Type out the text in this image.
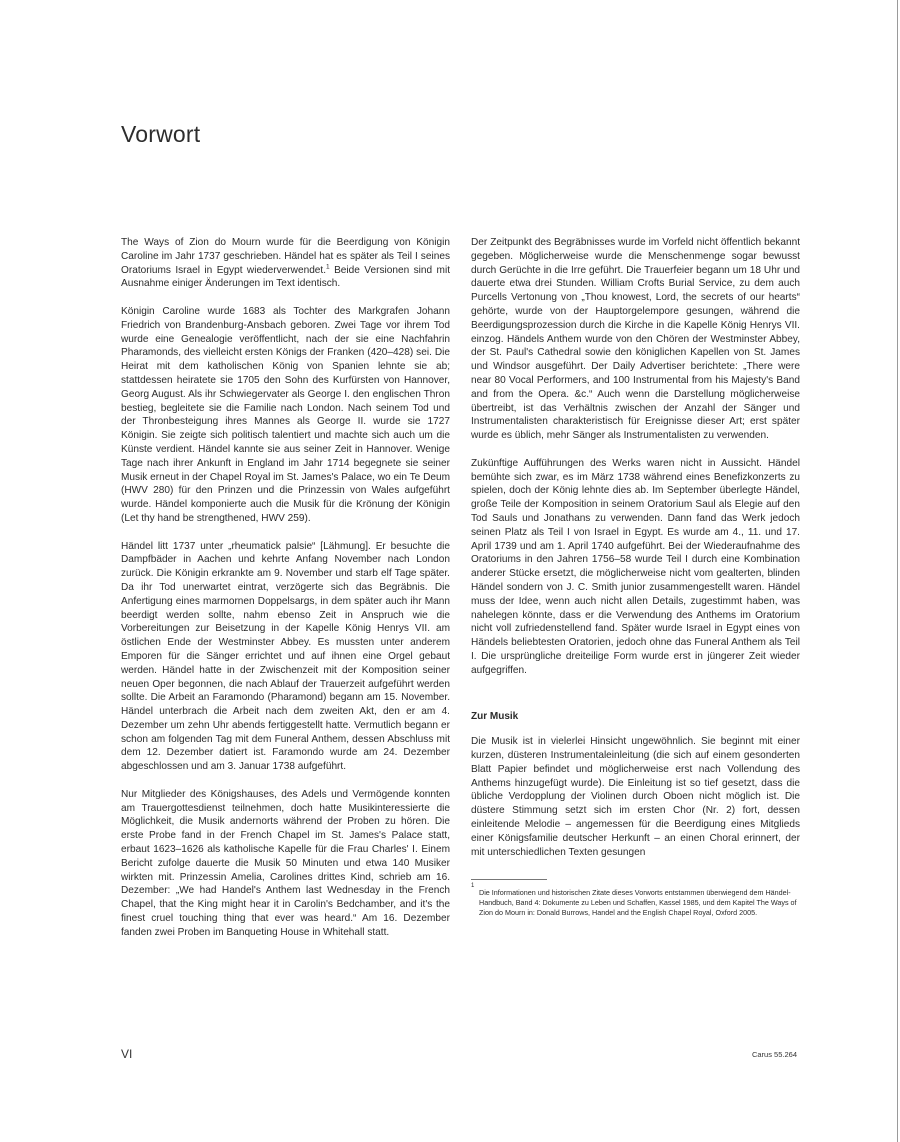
Vorwort

The Ways of Zion do Mourn wurde für die Beerdigung von Königin Caroline im Jahr 1737 geschrieben. Händel hat es später als Teil I seines Oratoriums Israel in Egypt wiederverwendet.$^1$ Beide Versionen sind mit Ausnahme einiger Änderungen im Text identisch.

Königin Caroline wurde 1683 als Tochter des Markgrafen Johann Friedrich von Brandenburg-Ansbach geboren. Zwei Tage vor ihrem Tod wurde eine Genealogie veröffentlicht, nach der sie eine Nachfahrin Pharamonds, des vielleicht ersten Königs der Franken (420–428) sei. Die Heirat mit dem katholischen König von Spanien lehnte sie ab; stattdessen heiratete sie 1705 den Sohn des Kurfürsten von Hannover, Georg August. Als ihr Schwiegervater als George I. den englischen Thron bestieg, begleitete sie die Familie nach London. Nach seinem Tod und der Thronbesteigung ihres Mannes als George II. wurde sie 1727 Königin. Sie zeigte sich politisch talentiert und machte sich auch um die Künste verdient. Händel kannte sie aus seiner Zeit in Hannover. Wenige Tage nach ihrer Ankunft in England im Jahr 1714 begegnete sie seiner Musik erneut in der Chapel Royal im St. James's Palace, wo ein Te Deum (HWV 280) für den Prinzen und die Prinzessin von Wales aufgeführt wurde. Händel komponierte auch die Musik für die Krönung der Königin (Let thy hand be strengthened, HWV 259).

Händel litt 1737 unter „rheumatick palsie“ [Lähmung]. Er besuchte die Dampfbäder in Aachen und kehrte Anfang November nach London zurück. Die Königin erkrankte am 9. November und starb elf Tage später. Da ihr Tod unerwartet eintrat, verzögerte sich das Begräbnis. Die Anfertigung eines marmornen Doppelsargs, in dem später auch ihr Mann beerdigt werden sollte, nahm ebenso Zeit in Anspruch wie die Vorbereitungen zur Beisetzung in der Kapelle König Henrys VII. am östlichen Ende der Westminster Abbey. Es mussten unter anderem Emporen für die Sänger errichtet und auf ihnen eine Orgel gebaut werden. Händel hatte in der Zwischenzeit mit der Komposition seiner neuen Oper begonnen, die nach Ablauf der Trauerzeit aufgeführt werden sollte. Die Arbeit an Faramondo (Pharamond) begann am 15. November. Händel unterbrach die Arbeit nach dem zweiten Akt, den er am 4. Dezember um zehn Uhr abends fertiggestellt hatte. Vermutlich begann er schon am folgenden Tag mit dem Funeral Anthem, dessen Abschluss mit dem 12. Dezember datiert ist. Faramondo wurde am 24. Dezember abgeschlossen und am 3. Januar 1738 aufgeführt.

Nur Mitglieder des Königshauses, des Adels und Vermögende konnten am Trauergottesdienst teilnehmen, doch hatte Musikinteressierte die Möglichkeit, die Musik andernorts während der Proben zu hören. Die erste Probe fand in der French Chapel im St. James's Palace statt, erbaut 1623–1626 als katholische Kapelle für die Frau Charles' I. Einem Bericht zufolge dauerte die Musik 50 Minuten und etwa 140 Musiker wirkten mit. Prinzessin Amelia, Carolines drittes Kind, schrieb am 16. Dezember: „We had Handel's Anthem last Wednesday in the French Chapel, that the King might hear it in Carolin's Bedchamber, and it's the finest cruel touching thing that ever was heard.“ Am 16. Dezember fanden zwei Proben im Banqueting House in Whitehall statt.

Der Zeitpunkt des Begräbnisses wurde im Vorfeld nicht öffentlich bekannt gegeben. Möglicherweise wurde die Menschenmenge sogar bewusst durch Gerüchte in die Irre geführt. Die Trauerfeier begann um 18 Uhr und dauerte etwa drei Stunden. William Crofts Burial Service, zu dem auch Purcells Vertonung von „Thou knowest, Lord, the secrets of our hearts“ gehörte, wurde von der Hauptorgelempore gesungen, während die Beerdigungsprozession durch die Kirche in die Kapelle König Henrys VII. einzog. Händels Anthem wurde von den Chören der Westminster Abbey, der St. Paul's Cathedral sowie den königlichen Kapellen von St. James und Windsor ausgeführt. Der Daily Advertiser berichtete: „There were near 80 Vocal Performers, and 100 Instrumental from his Majesty's Band and from the Opera. &c.“ Auch wenn die Darstellung möglicherweise übertreibt, ist das Verhältnis zwischen der Anzahl der Sänger und Instrumentalisten charakteristisch für Ereignisse dieser Art; erst später wurde es üblich, mehr Sänger als Instrumentalisten zu verwenden.

Zukünftige Aufführungen des Werks waren nicht in Aussicht. Händel bemühte sich zwar, es im März 1738 während eines Benefizkonzerts zu spielen, doch der König lehnte dies ab. Im September überlegte Händel, große Teile der Komposition in seinem Oratorium Saul als Elegie auf den Tod Sauls und Jonathans zu verwenden. Dann fand das Werk jedoch seinen Platz als Teil I von Israel in Egypt. Es wurde am 4., 11. und 17. April 1739 und am 1. April 1740 aufgeführt. Bei der Wiederaufnahme des Oratoriums in den Jahren 1756–58 wurde Teil I durch eine Kombination anderer Stücke ersetzt, die möglicherweise nicht vom gealterten, blinden Händel sondern von J. C. Smith junior zusammengestellt waren. Händel muss der Idee, wenn auch nicht allen Details, zugestimmt haben, was nahelegen könnte, dass er die Verwendung des Anthems im Oratorium nicht voll zufriedenstellend fand. Später wurde Israel in Egypt eines von Händels beliebtesten Oratorien, jedoch ohne das Funeral Anthem als Teil I. Die ursprüngliche dreiteilige Form wurde erst in jüngerer Zeit wieder aufgegriffen.

Zur Musik

Die Musik ist in vielerlei Hinsicht ungewöhnlich. Sie beginnt mit einer kurzen, düsteren Instrumentaleinleitung (die sich auf einem gesonderten Blatt Papier befindet und möglicherweise erst nach Vollendung des Anthems hinzugefügt wurde). Die Einleitung ist so tief gesetzt, dass die übliche Verdopplung der Violinen durch Oboen nicht möglich ist. Die düstere Stimmung setzt sich im ersten Chor (Nr. 2) fort, dessen einleitende Melodie – angemessen für die Beerdigung eines Mitglieds einer Königsfamilie deutscher Herkunft – an einen Choral erinnert, der mit unterschiedlichen Texten gesungen

1
Die Informationen und historischen Zitate dieses Vorworts entstammen überwiegend dem Händel-Handbuch, Band 4: Dokumente zu Leben und Schaffen, Kassel 1985, und dem Kapitel The Ways of Zion do Mourn in: Donald Burrows, Handel and the English Chapel Royal, Oxford 2005.

VI	Carus 55.264
